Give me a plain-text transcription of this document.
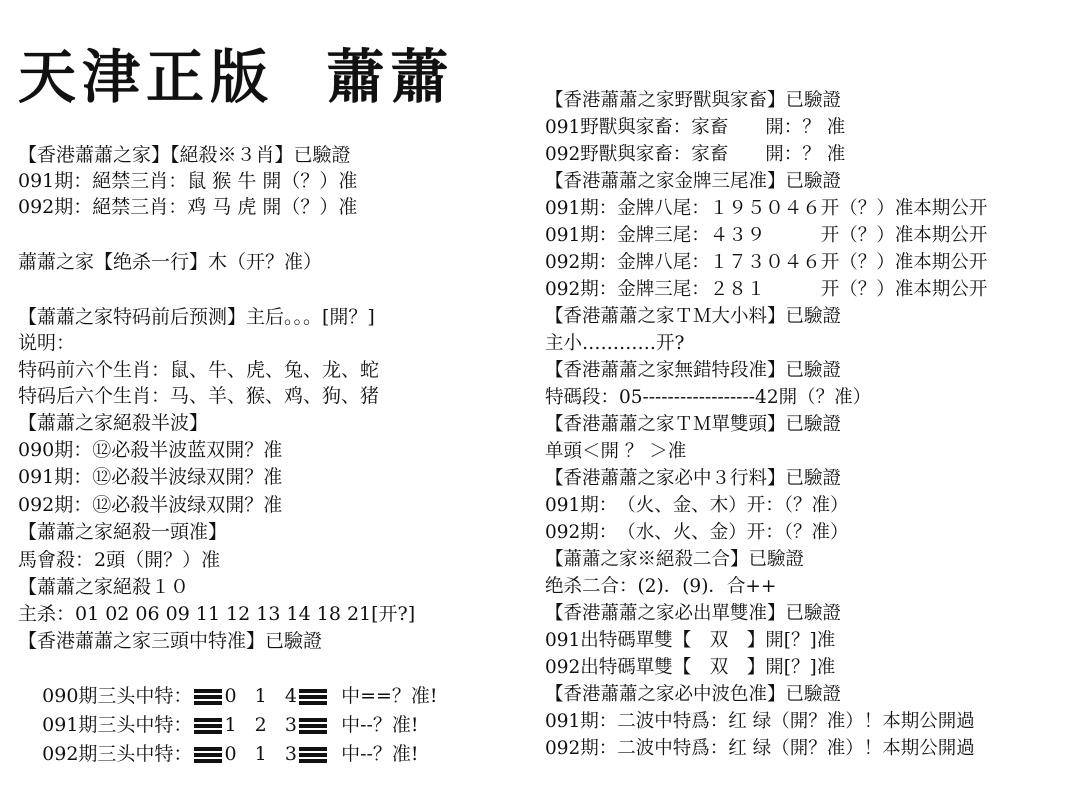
天津正版  蕭蕭
【香港蕭蕭之家】【絕殺※３肖】已驗證
091期：絕禁三肖：鼠 猴 牛 開（？）准
092期：絕禁三肖：鸡 马 虎 開（？）准
蕭蕭之家【绝杀一行】木（开？准）
【蕭蕭之家特码前后预测】主后。。。[開？]
说明：
特码前六个生肖：鼠、牛、虎、兔、龙、蛇
特码后六个生肖：马、羊、猴、鸡、狗、猪
【蕭蕭之家絕殺半波】
090期：⑫必殺半波蓝双開？准
091期：⑫必殺半波绿双開？准
092期：⑫必殺半波绿双開？准
【蕭蕭之家絕殺一頭准】
馬會殺：2頭（開？）准
【蕭蕭之家絕殺１０
主杀：01 02 06 09 11 12 13 14 18 21[开?]
【香港蕭蕭之家三頭中特准】已驗證

090期三头中特： 0 1 4 中==？准!

091期三头中特： 1 2 3 中--？准!

092期三头中特： 0 1 3 中--？准!

【香港蕭蕭之家野獸與家畜】已驗證
091野獸與家畜：家畜　　開：？ 准
092野獸與家畜：家畜　　開：？ 准
【香港蕭蕭之家金牌三尾准】已驗證
091期：金牌八尾：１９５０４６开（？）准本期公开
091期：金牌三尾：４３９　　　开（？）准本期公开
092期：金牌八尾：１７３０４６开（？）准本期公开
092期：金牌三尾：２８１　　　开（？）准本期公开
【香港蕭蕭之家ＴＭ大小料】已驗證
主小…………开?
【香港蕭蕭之家無錯特段准】已驗證
特碼段：05------------------42開（？准）
【香港蕭蕭之家ＴＭ單雙頭】已驗證
单頭＜開 ？ ＞准
【香港蕭蕭之家必中３行料】已驗證
091期：　（火、金、木）开：（？准）
092期：　（水、火、金）开：（？准）
【蕭蕭之家※絕殺二合】已驗證
绝杀二合：(2)．(9)．合++
【香港蕭蕭之家必出單雙准】已驗證
091出特碼單雙【　双　】開[？]准
092出特碼單雙【　双　】開[？]准
【香港蕭蕭之家必中波色准】已驗證
091期：二波中特爲：红 绿（開？准）！本期公開過
092期：二波中特爲：红 绿（開？准）！本期公開過
